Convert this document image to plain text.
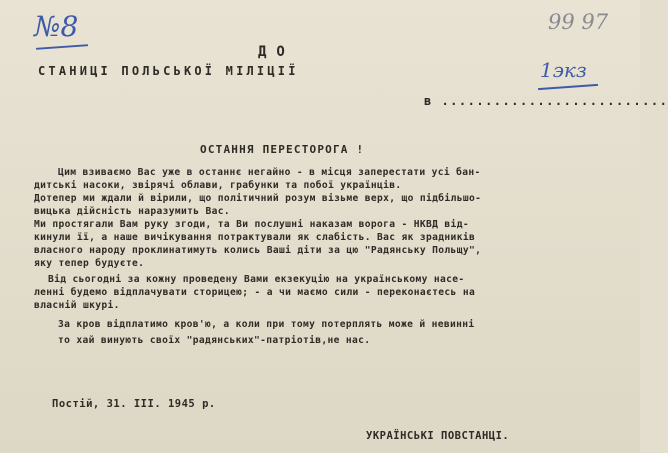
№8	99 97
1экз
ДО
СТАНИЦІ ПОЛЬСЬКОЇ МІЛІЦІЇ
в ..........................
ОСТАННЯ ПЕРЕСТОРОГА !
Цим взиваємо Вас уже в останнє негайно - в місця заперестати усі бан-
дитські насоки, звірячі облави, грабунки та побої українців.
Дотепер ми ждали й вірили, що політичний розум візьме верх, що підбільшо-
вицька дійсність наразумить Вас.
Ми простягали Вам руку згоди, та Ви послушні наказам ворога - НКВД від-
кинули її, а наше вичікування потрактували як слабість. Вас як зрадників
власного народу проклинатимуть колись Ваші діти за цю "Радянську Польщу",
яку тепер будуєте.
Від сьогодні за кожну проведену Вами екзекуцію на українському насе-
ленні будемо відплачувати сторицею; - а чи маємо сили - переконаєтесь на
власній шкурі.
За кров відплатимо кров'ю, а коли при тому потерплять може й невинні
то хай винують своїх "радянських"-патріотів,не нас.
Постій, 31. ІІІ. 1945 р.
УКРАЇНСЬКІ ПОВСТАНЦІ.
